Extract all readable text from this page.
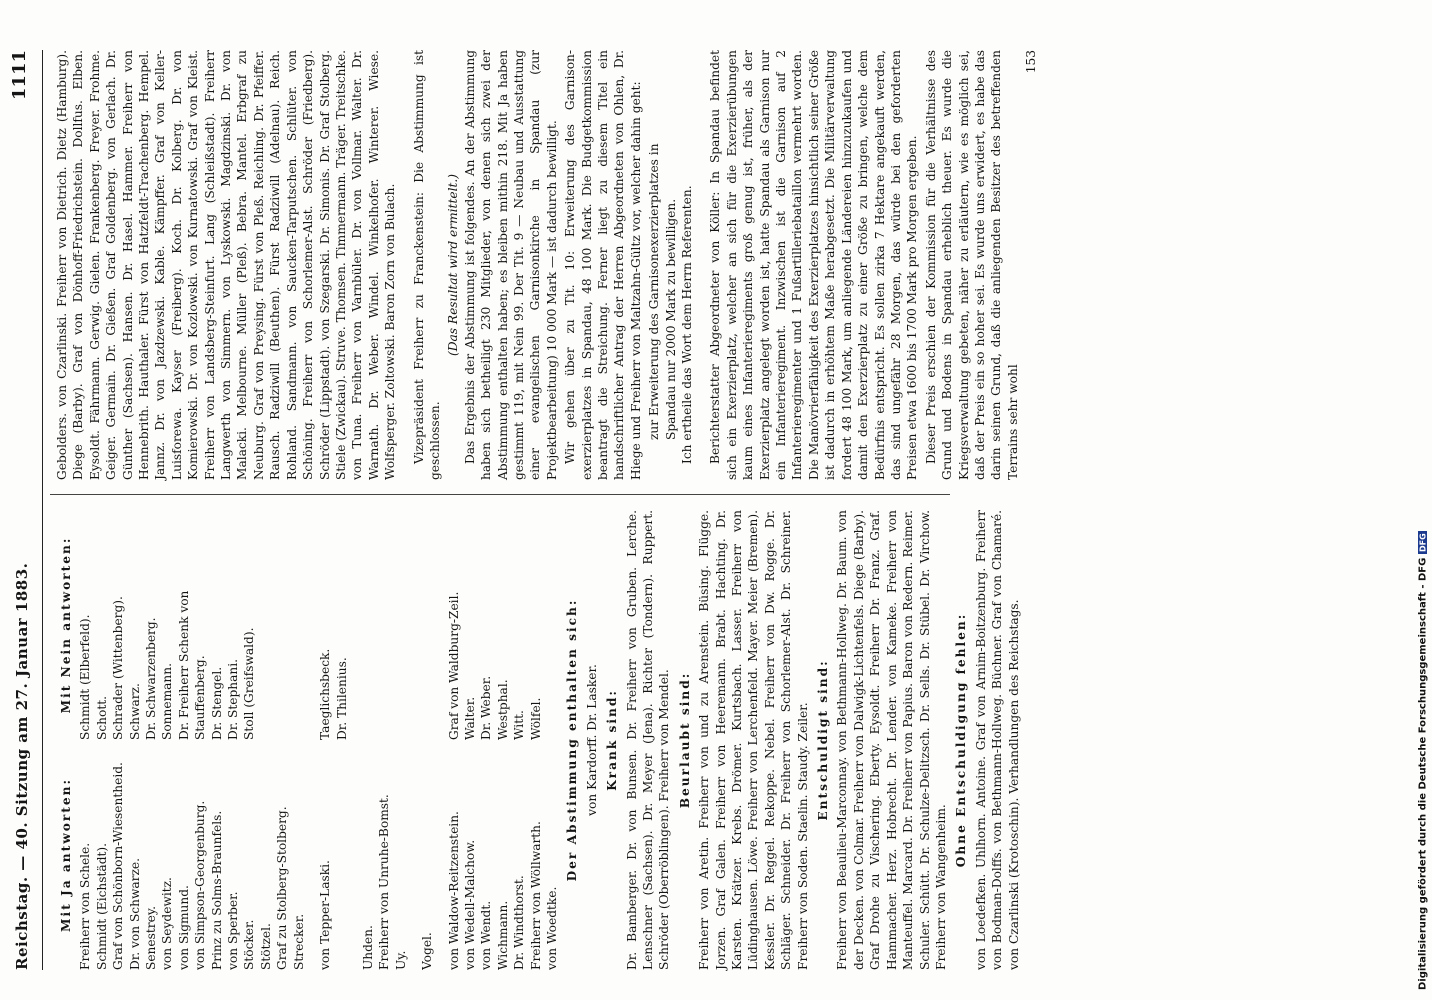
Digitalisierung gefördert durch die Deutsche Forschungsgemeinschaft - DFG
DFG
Reichstag. — 40. Sitzung am 27. Januar 1883.
1111
Mit Ja antworten:
Mit Nein antworten:
Freiherr von Schele.
Schmidt (Elberfeld).
Schmidt (Eichstädt).
Schott.
Graf von Schönborn-Wiesentheid.
Schrader (Wittenberg).
Dr. von Schwarze.
Schwarz.
Senestrey.
Dr. Schwarzenberg.
von Seydewitz.
Sonnemann.
von Sigmund.
Dr. Freiherr Schenk von
von Simpson-Georgenburg.
Stauffenberg.
Prinz zu Solms-Braunfels.
Dr. Stengel.
von Sperber.
Dr. Stephani.
Stöcker.
Stoll (Greifswald).
Stötzel. Graf zu Stolberg-Stolberg. Strecker. von Tepper-Laski.
Taeglichsbeck. Dr. Thilenius.
Uhden. Freiherr von Unruhe-Bomst. Uy. Vogel. von Waldow-Reitzenstein.
Graf von Waldburg-Zeil.
von Wedell-Malchow.
Walter.
von Wendt.
Dr. Weber.
Wichmann.
Westphal.
Dr. Windthorst.
Witt.
Freiherr von Wöllwarth.
Wölfel.
von Woedtke.
Der Abstimmung enthalten sich: von Kardorff. Dr. Lasker. Krank sind: Dr. Bamberger. Dr. von Bunsen. Dr. Freiherr von Gruben. Lerche. Lenschner (Sachsen). Dr. Meyer (Jena). Richter (Tondern). Ruppert. Schröder (Oberröblingen). Freiherr von Mendel. Beurlaubt sind: Freiherr von Aretin. Freiherr von und zu Arenstein. Büsing. Flügge. Jorzen. Graf Galen. Freiherr von Heeremann. Brabt. Hachting. Dr. Karsten. Krätzer. Krebs. Drömer. Kurtsbach. Lasser. Freiherr von Lüdinghausen. Löwe. Freiherr von Lerchenfeld. Mayer. Meier (Bremen). Kessler. Dr. Reggel. Rekoppe. Nebel. Freiherr von Dw. Rogge. Dr. Schläger. Schneider. Dr. Freiherr von Schorlemer-Alst. Dr. Schreiner. Freiherr von Soden. Staelin. Staudy. Zeiler. Entschuldigt sind: Freiherr von Beaulieu-Marconnay. von Bethmann-Hollweg. Dr. Baum. von der Decken. von Colmar. Freiherr von Dalwigk-Lichtenfels. Diege (Barby). Graf Drohe zu Vischering. Eberty. Eysoldt. Freiherr Dr. Franz. Graf. Hammacher. Herz. Hobrecht. Dr. Lender. von Kameke. Freiherr von Manteuffel. Marcard. Dr. Freiherr von Papius. Baron von Redern. Reimer. Schuler. Schütt. Dr. Schulze-Delitzsch. Dr. Sells. Dr. Stübel. Dr. Virchow. Freiherr von Wangenheim.
Ohne Entschuldigung fehlen: von Loedefken. Uhlhorn. Antoine. Graf von Arnim-Boitzenburg. Freiherr von Bodman-Dolffs. von Bethmann-Hollweg. Büchner. Graf von Chamaré. von Czarlinski (Krotoschin). Verhandlungen des Reichstags.
Gebolders. von Czarlinski. Freiherr von Dietrich. Dietz (Hamburg). Diege (Barby). Graf von Dönhoff-Friedrichstein. Dollfus. Elben. Eysoldt. Fährmann. Gerwig. Gielen. Frankenberg. Freyer. Frohme. Geiger. Germain. Dr. Gießen. Graf Goldenberg. von Gerlach. Dr. Günther (Sachsen). Hansen. Dr. Hasel. Hammer. Freiherr von Hennebrith. Hauthaler. Fürst von Hatzfeldt-Trachenberg. Hempel. Jannz. Dr. von Jazdzewski. Kable. Kämpffer. Graf von Keller-Luisforewa. Kayser (Freiberg). Koch. Dr. Kolberg. Dr. von Komierowski. Dr. von Kozlowski. von Kurnatowski. Graf von Kleist. Freiherr von Landsberg-Steinfurt. Lang (Schleißstadt). Freiherr Langwerth von Simmern. von Lyskowski. Magdzinski. Dr. von Malacki. Melbourne. Müller (Pleß). Bebra. Mantel. Erbgraf zu Neuburg. Graf von Preysing. Fürst von Pleß. Reichling. Dr. Pfeiffer. Rausch. Radziwill (Beuthen). Fürst Radziwill (Adelnau). Reich. Rohland. Sandmann. von Saucken-Tarputschen. Schlüter. von Schöning. Freiherr von Schorlemer-Alst. Schröder (Friedberg). Schröder (Lippstadt). von Szegarski. Dr. Simonis. Dr. Graf Stolberg. Stiele (Zwickau). Struve. Thomsen. Timmermann. Träger. Treitschke. von Tuna. Freiherr von Varnbüler. Dr. von Vollmar. Walter. Dr. Warnath. Dr. Weber. Windel. Winkelhofer. Winterer. Wiese. Wolfsperger. Zoltowski. Baron Zorn von Bulach. Vizepräsident Freiherr zu Franckenstein: Die Abstimmung ist geschlossen.
(Das Resultat wird ermittelt.) Das Ergebnis der Abstimmung ist folgendes. An der Abstimmung haben sich betheiligt 230 Mitglieder, von denen sich zwei der Abstimmung enthalten haben; es bleiben mithin 218. Mit Ja haben gestimmt 119, mit Nein 99. Der Tit. 9 — Neubau und Ausstattung einer evangelischen Garnisonkirche in Spandau (zur Projektbearbeitung) 10 000 Mark — ist dadurch bewilligt. Wir gehen über zu Tit. 10: Erweiterung des Garnison-exerzierplatzes in Spandau, 48 100 Mark. Die Budgetkommission beantragt die Streichung. Ferner liegt zu diesem Titel ein handschriftlicher Antrag der Herren Abgeordneten von Ohlen, Dr. Hiege und Freiherr von Maltzahn-Gültz vor, welcher dahin geht: zur Erweiterung des Garnisonexerzierplatzes in Spandau nur 2000 Mark zu bewilligen. Ich ertheile das Wort dem Herrn Referenten. Berichterstatter Abgeordneter von Köller: In Spandau befindet sich ein Exerzierplatz, welcher an sich für die Exerzierübungen kaum eines Infanterieregiments groß genug ist, früher, als der Exerzierplatz angelegt worden ist, hatte Spandau als Garnison nur ein Infanterieregiment. Inzwischen ist die Garnison auf 2 Infanterieregimenter und 1 Fußartilleriebataillon vermehrt worden. Die Manövrierfähigkeit des Exerzierplatzes hinsichtlich seiner Größe ist dadurch in erhöhtem Maße herabgesetzt. Die Militärverwaltung fordert 48 100 Mark, um anliegende Ländereien hinzuzukaufen und damit den Exerzierplatz zu einer Größe zu bringen, welche dem Bedürfnis entspricht. Es sollen zirka 7 Hektare angekauft werden, das sind ungefähr 28 Morgen, das würde bei den geforderten Preisen etwa 1600 bis 1700 Mark pro Morgen ergeben. Dieser Preis erschien der Kommission für die Verhältnisse des Grund und Bodens in Spandau erheblich theuer. Es wurde die Kriegsverwaltung gebeten, näher zu erläutern, wie es möglich sei, daß der Preis ein so hoher sei. Es wurde uns erwidert, es habe das darin seinen Grund, daß die anliegenden Besitzer des betreffenden Terrains sehr wohl
153
